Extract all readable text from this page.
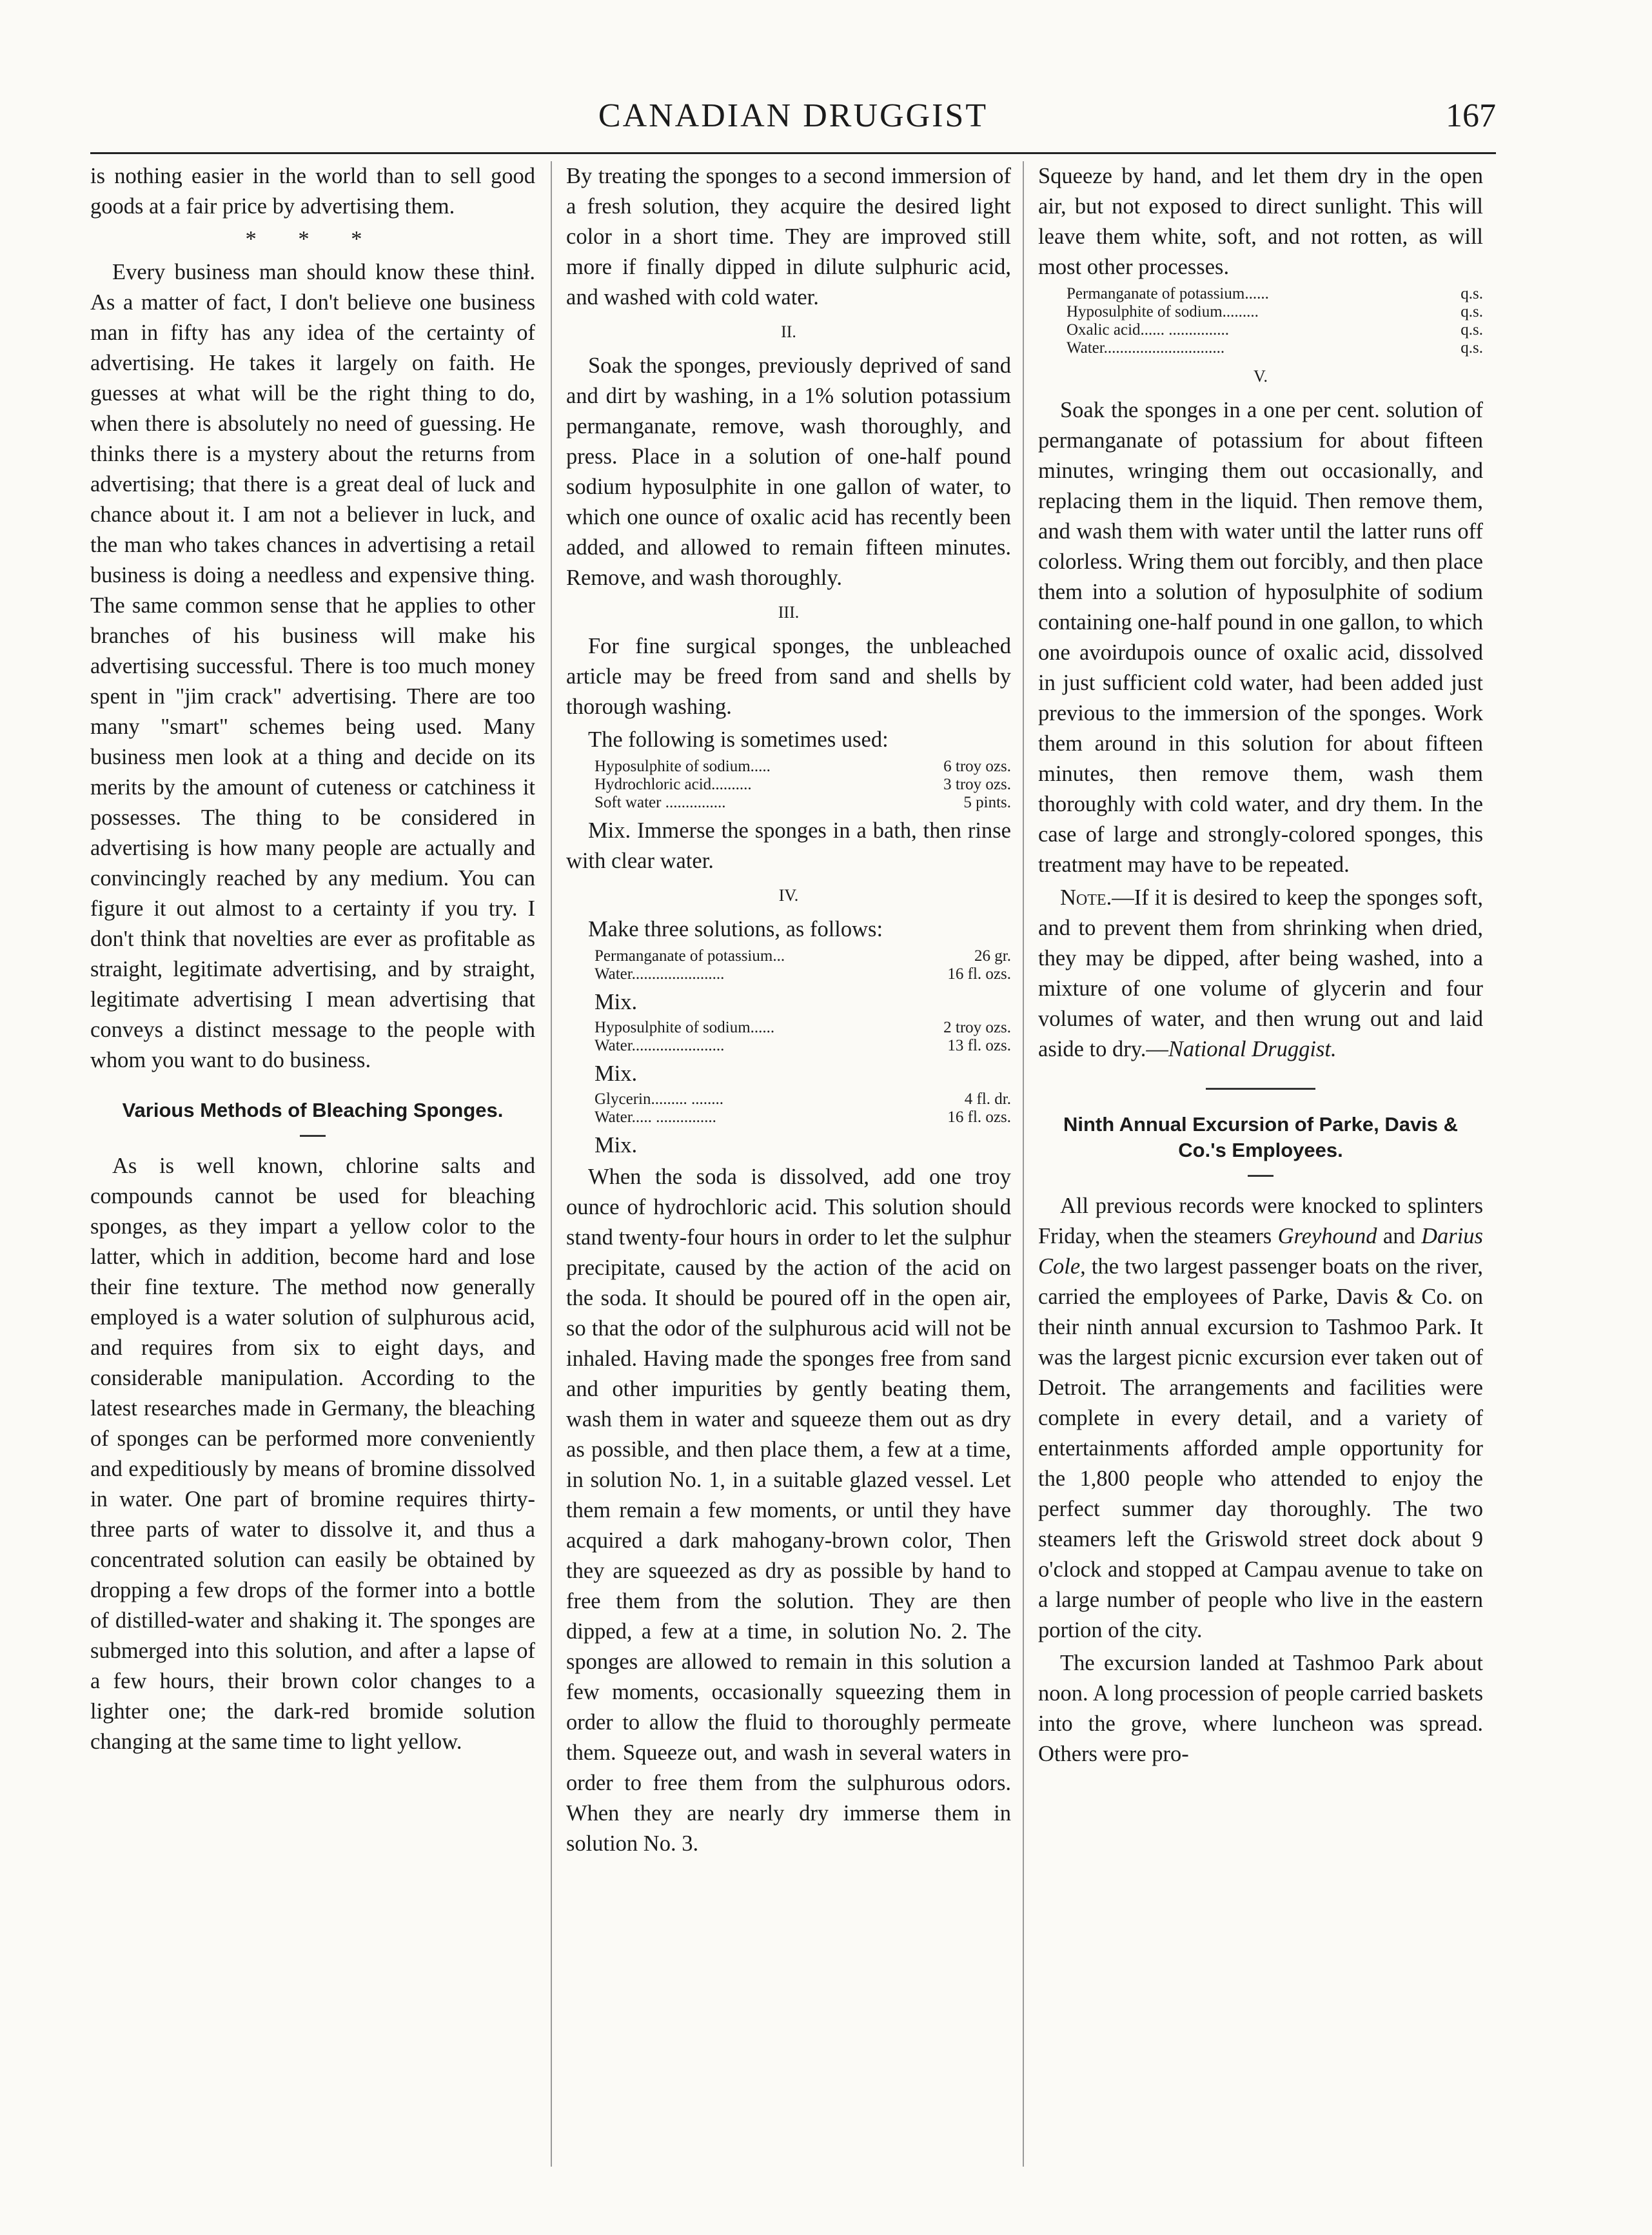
CANADIAN DRUGGIST	167

is nothing easier in the world than to sell good goods at a fair price by advertising them.

* * *

Every business man should know these thinł. As a matter of fact, I don't believe one business man in fifty has any idea of the certainty of advertising. He takes it largely on faith. He guesses at what will be the right thing to do, when there is absolutely no need of guessing. He thinks there is a mystery about the returns from advertising; that there is a great deal of luck and chance about it. I am not a believer in luck, and the man who takes chances in advertising a retail business is doing a needless and expensive thing. The same common sense that he applies to other branches of his business will make his advertising successful. There is too much money spent in "jim crack" advertising. There are too many "smart" schemes being used. Many business men look at a thing and decide on its merits by the amount of cuteness or catchiness it possesses. The thing to be considered in advertising is how many people are actually and convincingly reached by any medium. You can figure it out almost to a certainty if you try. I don't think that novelties are ever as profitable as straight, legitimate advertising, and by straight, legitimate advertising I mean advertising that conveys a distinct message to the people with whom you want to do business.

Various Methods of Bleaching Sponges.

As is well known, chlorine salts and compounds cannot be used for bleaching sponges, as they impart a yellow color to the latter, which in addition, become hard and lose their fine texture. The method now generally employed is a water solution of sulphurous acid, and requires from six to eight days, and considerable manipulation. According to the latest researches made in Germany, the bleaching of sponges can be performed more conveniently and expeditiously by means of bromine dissolved in water. One part of bromine requires thirty-three parts of water to dissolve it, and thus a concentrated solution can easily be obtained by dropping a few drops of the former into a bottle of distilled-water and shaking it. The sponges are submerged into this solution, and after a lapse of a few hours, their brown color changes to a lighter one; the dark-red bromide solution changing at the same time to light yellow.

By treating the sponges to a second immersion of a fresh solution, they acquire the desired light color in a short time. They are improved still more if finally dipped in dilute sulphuric acid, and washed with cold water.

II.

Soak the sponges, previously deprived of sand and dirt by washing, in a 1% solution potassium permanganate, remove, wash thoroughly, and press. Place in a solution of one-half pound sodium hyposulphite in one gallon of water, to which one ounce of oxalic acid has recently been added, and allowed to remain fifteen minutes. Remove, and wash thoroughly.

III.

For fine surgical sponges, the unbleached article may be freed from sand and shells by thorough washing.

The following is sometimes used:

Hyposulphite of sodium.....	6 troy ozs.
Hydrochloric acid..........	3 troy ozs.
Soft water ...............	5 pints.

Mix. Immerse the sponges in a bath, then rinse with clear water.

IV.

Make three solutions, as follows:

Permanganate of potassium...	26 gr.
Water.......................	16 fl. ozs.
Mix.
Hyposulphite of sodium......	2 troy ozs.
Water.......................	13 fl. ozs.
Mix.
Glycerin......... ........	4 fl. dr.
Water..... ...............	16 fl. ozs.
Mix.

When the soda is dissolved, add one troy ounce of hydrochloric acid. This solution should stand twenty-four hours in order to let the sulphur precipitate, caused by the action of the acid on the soda. It should be poured off in the open air, so that the odor of the sulphurous acid will not be inhaled. Having made the sponges free from sand and other impurities by gently beating them, wash them in water and squeeze them out as dry as possible, and then place them, a few at a time, in solution No. 1, in a suitable glazed vessel. Let them remain a few moments, or until they have acquired a dark mahogany-brown color, Then they are squeezed as dry as possible by hand to free them from the solution. They are then dipped, a few at a time, in solution No. 2. The sponges are allowed to remain in this solution a few moments, occasionally squeezing them in order to allow the fluid to thoroughly permeate them. Squeeze out, and wash in several waters in order to free them from the sulphurous odors. When they are nearly dry immerse them in solution No. 3.

Squeeze by hand, and let them dry in the open air, but not exposed to direct sunlight. This will leave them white, soft, and not rotten, as will most other processes.

Permanganate of potassium......	q.s.
Hyposulphite of sodium.........	q.s.
Oxalic acid...... ...............	q.s.
Water..............................	q.s.
V.

Soak the sponges in a one per cent. solution of permanganate of potassium for about fifteen minutes, wringing them out occasionally, and replacing them in the liquid. Then remove them, and wash them with water until the latter runs off colorless. Wring them out forcibly, and then place them into a solution of hyposulphite of sodium containing one-half pound in one gallon, to which one avoirdupois ounce of oxalic acid, dissolved in just sufficient cold water, had been added just previous to the immersion of the sponges. Work them around in this solution for about fifteen minutes, then remove them, wash them thoroughly with cold water, and dry them. In the case of large and strongly-colored sponges, this treatment may have to be repeated.

Note.—If it is desired to keep the sponges soft, and to prevent them from shrinking when dried, they may be dipped, after being washed, into a mixture of one volume of glycerin and four volumes of water, and then wrung out and laid aside to dry.—National Druggist.

Ninth Annual Excursion of Parke, Davis & Co.'s Employees.

All previous records were knocked to splinters Friday, when the steamers Greyhound and Darius Cole, the two largest passenger boats on the river, carried the employees of Parke, Davis & Co. on their ninth annual excursion to Tashmoo Park. It was the largest picnic excursion ever taken out of Detroit. The arrangements and facilities were complete in every detail, and a variety of entertainments afforded ample opportunity for the 1,800 people who attended to enjoy the perfect summer day thoroughly. The two steamers left the Griswold street dock about 9 o'clock and stopped at Campau avenue to take on a large number of people who live in the eastern portion of the city.

The excursion landed at Tashmoo Park about noon. A long procession of people carried baskets into the grove, where luncheon was spread. Others were pro-
